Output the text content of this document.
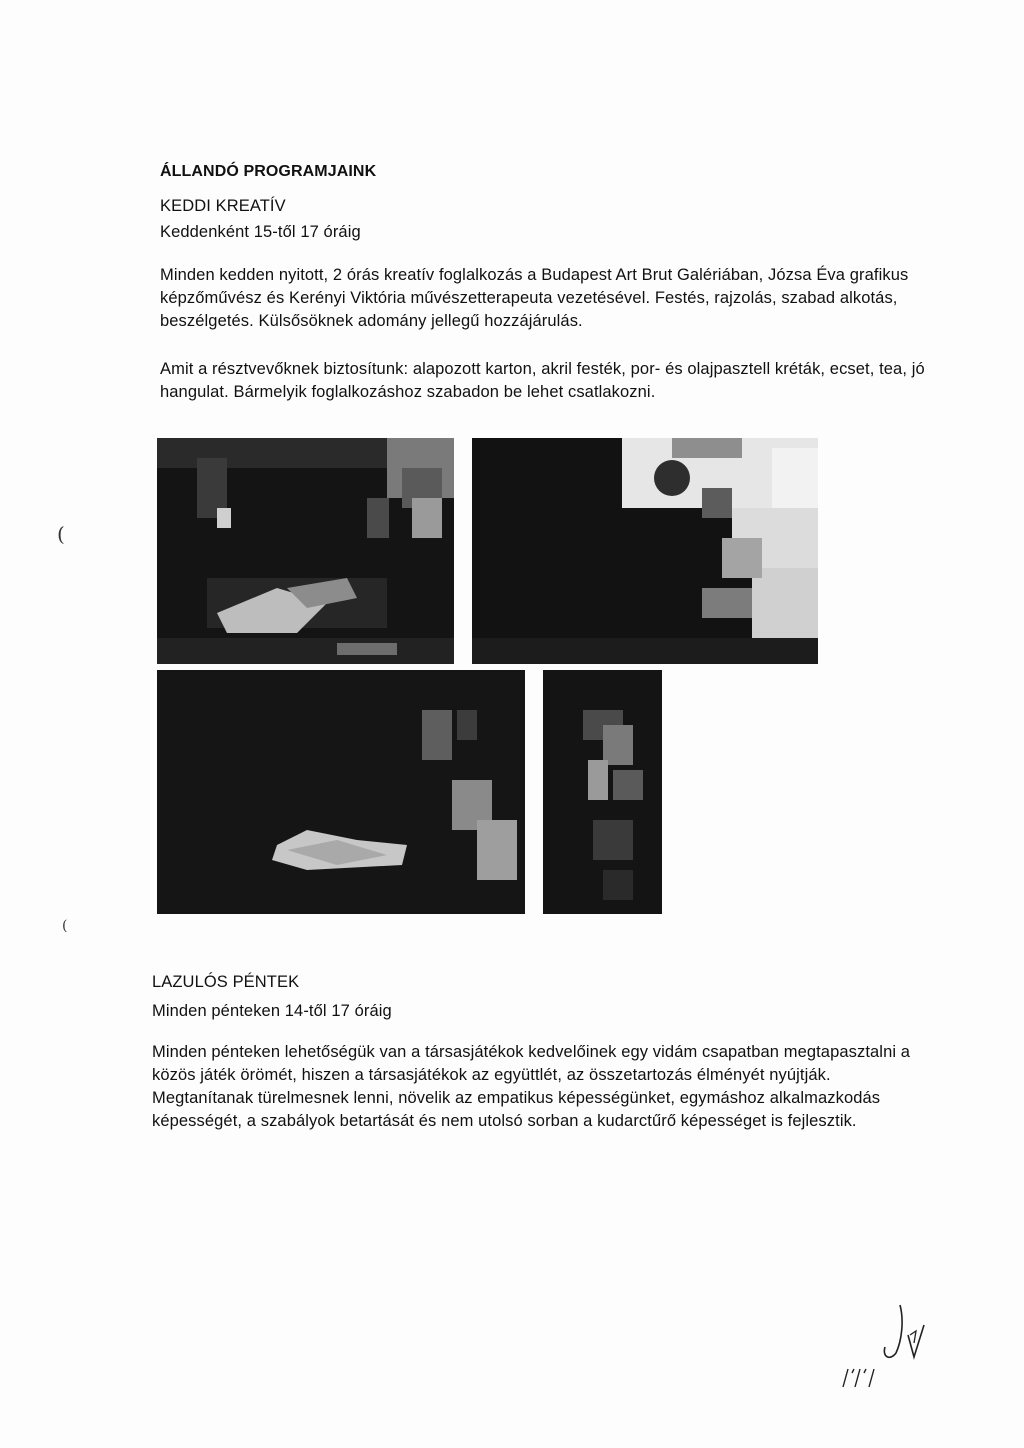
ÁLLANDÓ PROGRAMJAINK
KEDDI KREATÍV
Keddenként 15-től 17 óráig
Minden kedden nyitott, 2 órás kreatív foglalkozás a Budapest Art Brut Galériában, Józsa Éva grafikus képzőművész és Kerényi Viktória művészetterapeuta vezetésével. Festés, rajzolás, szabad alkotás, beszélgetés. Külsősöknek adomány jellegű hozzájárulás.
Amit a résztvevőknek biztosítunk: alapozott karton, akril festék, por- és olajpasztell kréták, ecset, tea, jó hangulat. Bármelyik foglalkozáshoz szabadon be lehet csatlakozni.
LAZULÓS PÉNTEK
Minden pénteken 14-től 17 óráig
Minden pénteken lehetőségük van a társasjátékok kedvelőinek egy vidám csapatban megtapasztalni a közös játék örömét, hiszen a társasjátékok az együttlét, az összetartozás élményét nyújtják. Megtanítanak türelmesnek lenni, növelik az empatikus képességünket, egymáshoz alkalmazkodás képességét, a szabályok betartását és nem utolsó sorban a kudarctűrő képességet is fejlesztik.
(
(
